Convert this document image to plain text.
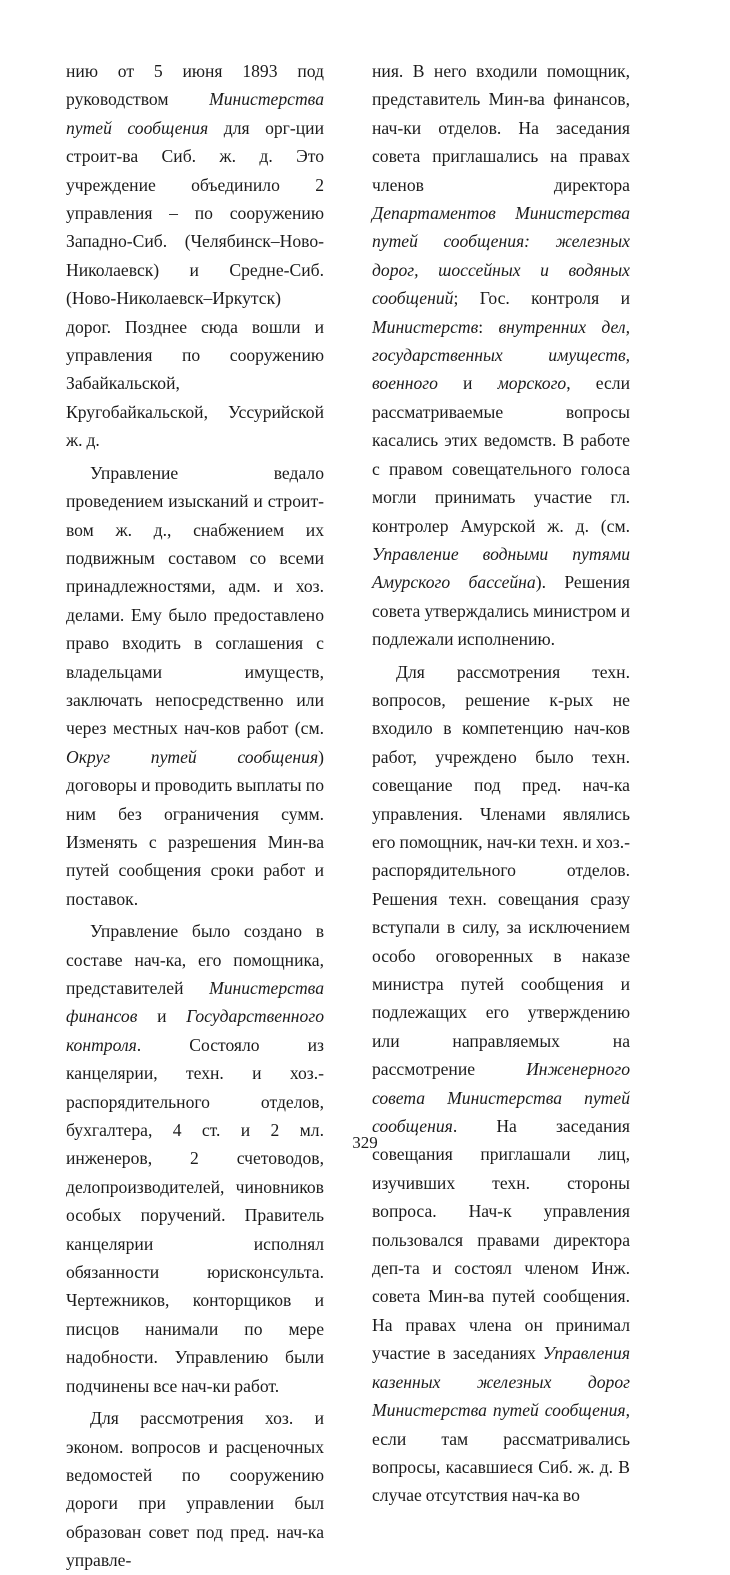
нию от 5 июня 1893 под руководством Министерства путей сообщения для орг-ции строит-ва Сиб. ж. д. Это учреждение объединило 2 управления – по сооружению Западно-Сиб. (Челябинск–Ново-Николаевск) и Средне-Сиб. (Ново-Николаевск–Иркутск) дорог. Позднее сюда вошли и управления по сооружению Забайкальской, Кругобайкальской, Уссурийской ж. д.

Управление ведало проведением изысканий и строит-вом ж. д., снабжением их подвижным составом со всеми принадлежностями, адм. и хоз. делами. Ему было предоставлено право входить в соглашения с владельцами имуществ, заключать непосредственно или через местных нач-ков работ (см. Округ путей сообщения) договоры и проводить выплаты по ним без ограничения сумм. Изменять с разрешения Мин-ва путей сообщения сроки работ и поставок.

Управление было создано в составе нач-ка, его помощника, представителей Министерства финансов и Государственного контроля. Состояло из канцелярии, техн. и хоз.-распорядительного отделов, бухгалтера, 4 ст. и 2 мл. инженеров, 2 счетоводов, делопроизводителей, чиновников особых поручений. Правитель канцелярии исполнял обязанности юрисконсульта. Чертежников, конторщиков и писцов нанимали по мере надобности. Управлению были подчинены все нач-ки работ.

Для рассмотрения хоз. и эконом. вопросов и расценочных ведомостей по сооружению дороги при управлении был образован совет под пред. нач-ка управле-

ния. В него входили помощник, представитель Мин-ва финансов, нач-ки отделов. На заседания совета приглашались на правах членов директора Департаментов Министерства путей сообщения: железных дорог, шоссейных и водяных сообщений; Гос. контроля и Министерств: внутренних дел, государственных имуществ, военного и морского, если рассматриваемые вопросы касались этих ведомств. В работе с правом совещательного голоса могли принимать участие гл. контролер Амурской ж. д. (см. Управление водными путями Амурского бассейна). Решения совета утверждались министром и подлежали исполнению.

Для рассмотрения техн. вопросов, решение к-рых не входило в компетенцию нач-ков работ, учреждено было техн. совещание под пред. нач-ка управления. Членами являлись его помощник, нач-ки техн. и хоз.-распорядительного отделов. Решения техн. совещания сразу вступали в силу, за исключением особо оговоренных в наказе министра путей сообщения и подлежащих его утверждению или направляемых на рассмотрение Инженерного совета Министерства путей сообщения. На заседания совещания приглашали лиц, изучивших техн. стороны вопроса. Нач-к управления пользовался правами директора деп-та и состоял членом Инж. совета Мин-ва путей сообщения. На правах члена он принимал участие в заседаниях Управления казенных железных дорог Министерства путей сообщения, если там рассматривались вопросы, касавшиеся Сиб. ж. д. В случае отсутствия нач-ка во

329
